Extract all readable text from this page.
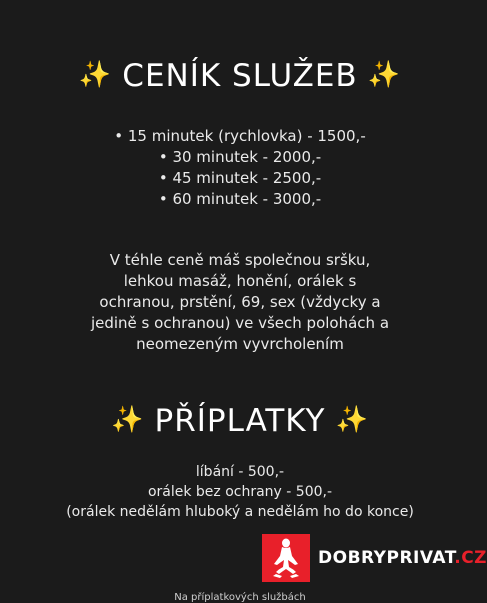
✨ CENÍK SLUŽEB ✨
• 15 minutek (rychlovka) - 1500,-
• 30 minutek - 2000,-
• 45 minutek - 2500,-
• 60 minutek - 3000,-
V téhle ceně máš společnou sršku,
lehkou masáž, honění, orálek s
ochranou, prstění, 69, sex (vždycky a
jedině s ochranou) ve všech polohách a
neomezeným vyvrcholením
✨ PŘÍPLATKY ✨
líbání - 500,-
orálek bez ochrany - 500,-
(orálek nedělám hluboký a nedělám ho do konce)
DOBRYPRIVAT.CZ
Na příplatkových službách
